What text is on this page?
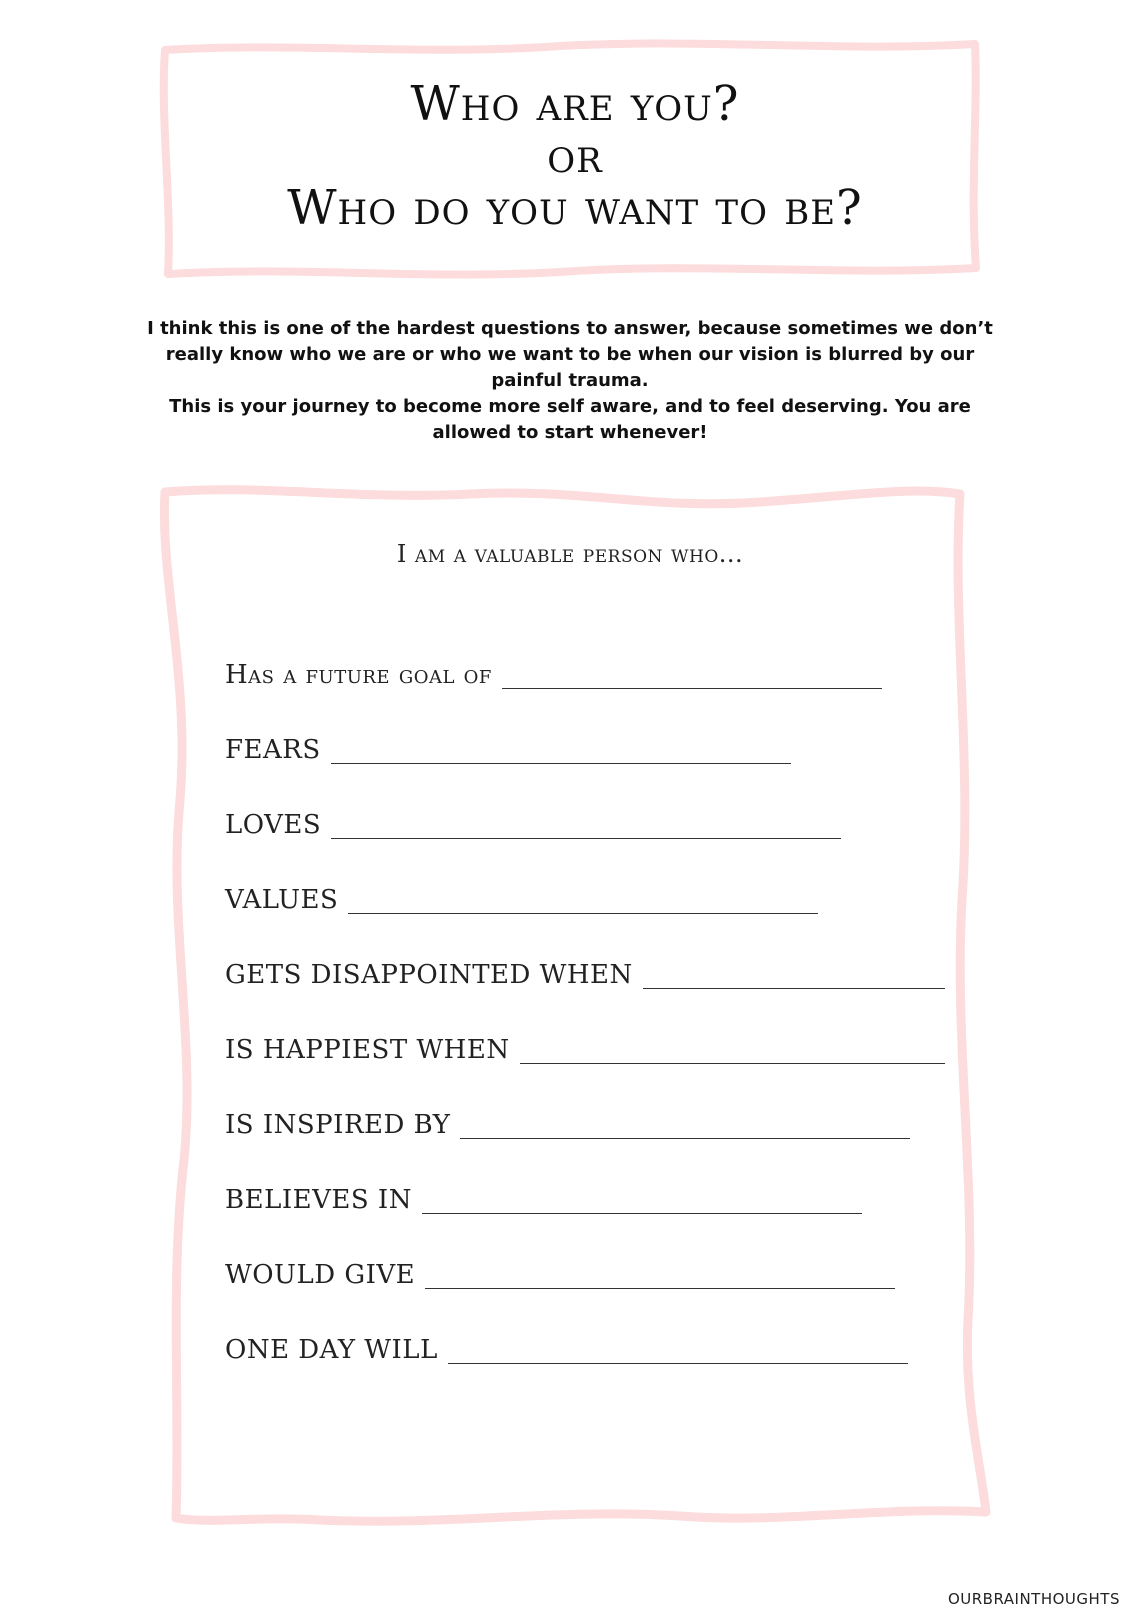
Who are you?
or
Who do you want to be?

I think this is one of the hardest questions to answer, because sometimes we don’t really know who we are or who we want to be when our vision is blurred by our painful trauma.

This is your journey to become more self aware, and to feel deserving. You are allowed to start whenever!

I am a valuable person who...
Has a future goal of
FEARS
LOVES
VALUES
GETS DISAPPOINTED WHEN
IS HAPPIEST WHEN
IS INSPIRED BY
BELIEVES IN
WOULD GIVE
ONE DAY WILL
OURBRAINTHOUGHTS
